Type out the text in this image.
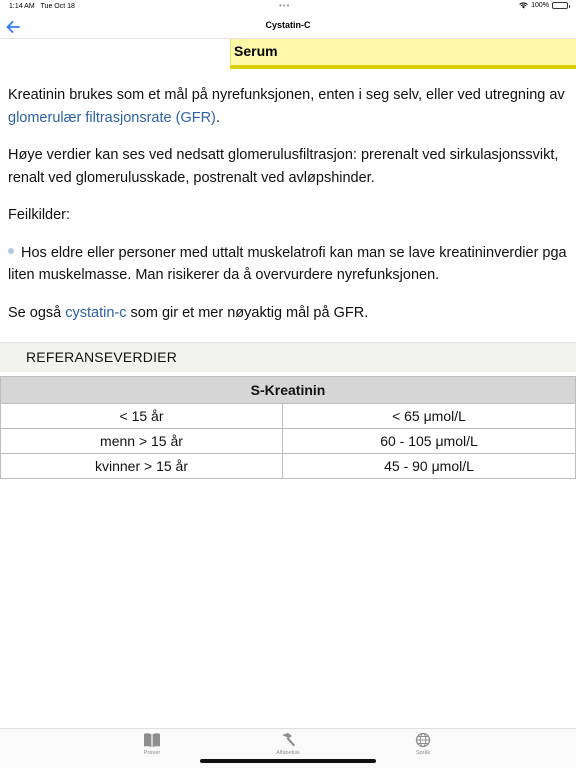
1:14 AM Tue Oct 18	•••	100%
Cystatin-C
Serum

Kreatinin brukes som et mål på nyrefunksjonen, enten i seg selv, eller ved utregning av glomerulær filtrasjonsrate (GFR).

Høye verdier kan ses ved nedsatt glomerulusfiltrasjon: prerenalt ved sirkulasjonssvikt, renalt ved glomerulusskade, postrenalt ved avløpshinder.

Feilkilder:

Hos eldre eller personer med uttalt muskelatrofi kan man se lave kreatininverdier pga liten muskelmasse. Man risikerer da å overvurdere nyrefunksjonen.

Se også cystatin-c som gir et mer nøyaktig mål på GFR.

REFERANSEVERDIER
S-Kreatinin	
< 15 år	< 65 μmol/L
menn > 15 år	60 - 105 μmol/L
kvinner > 15 år	45 - 90 μmol/L
Prøver	Alfabetisk	Språk
